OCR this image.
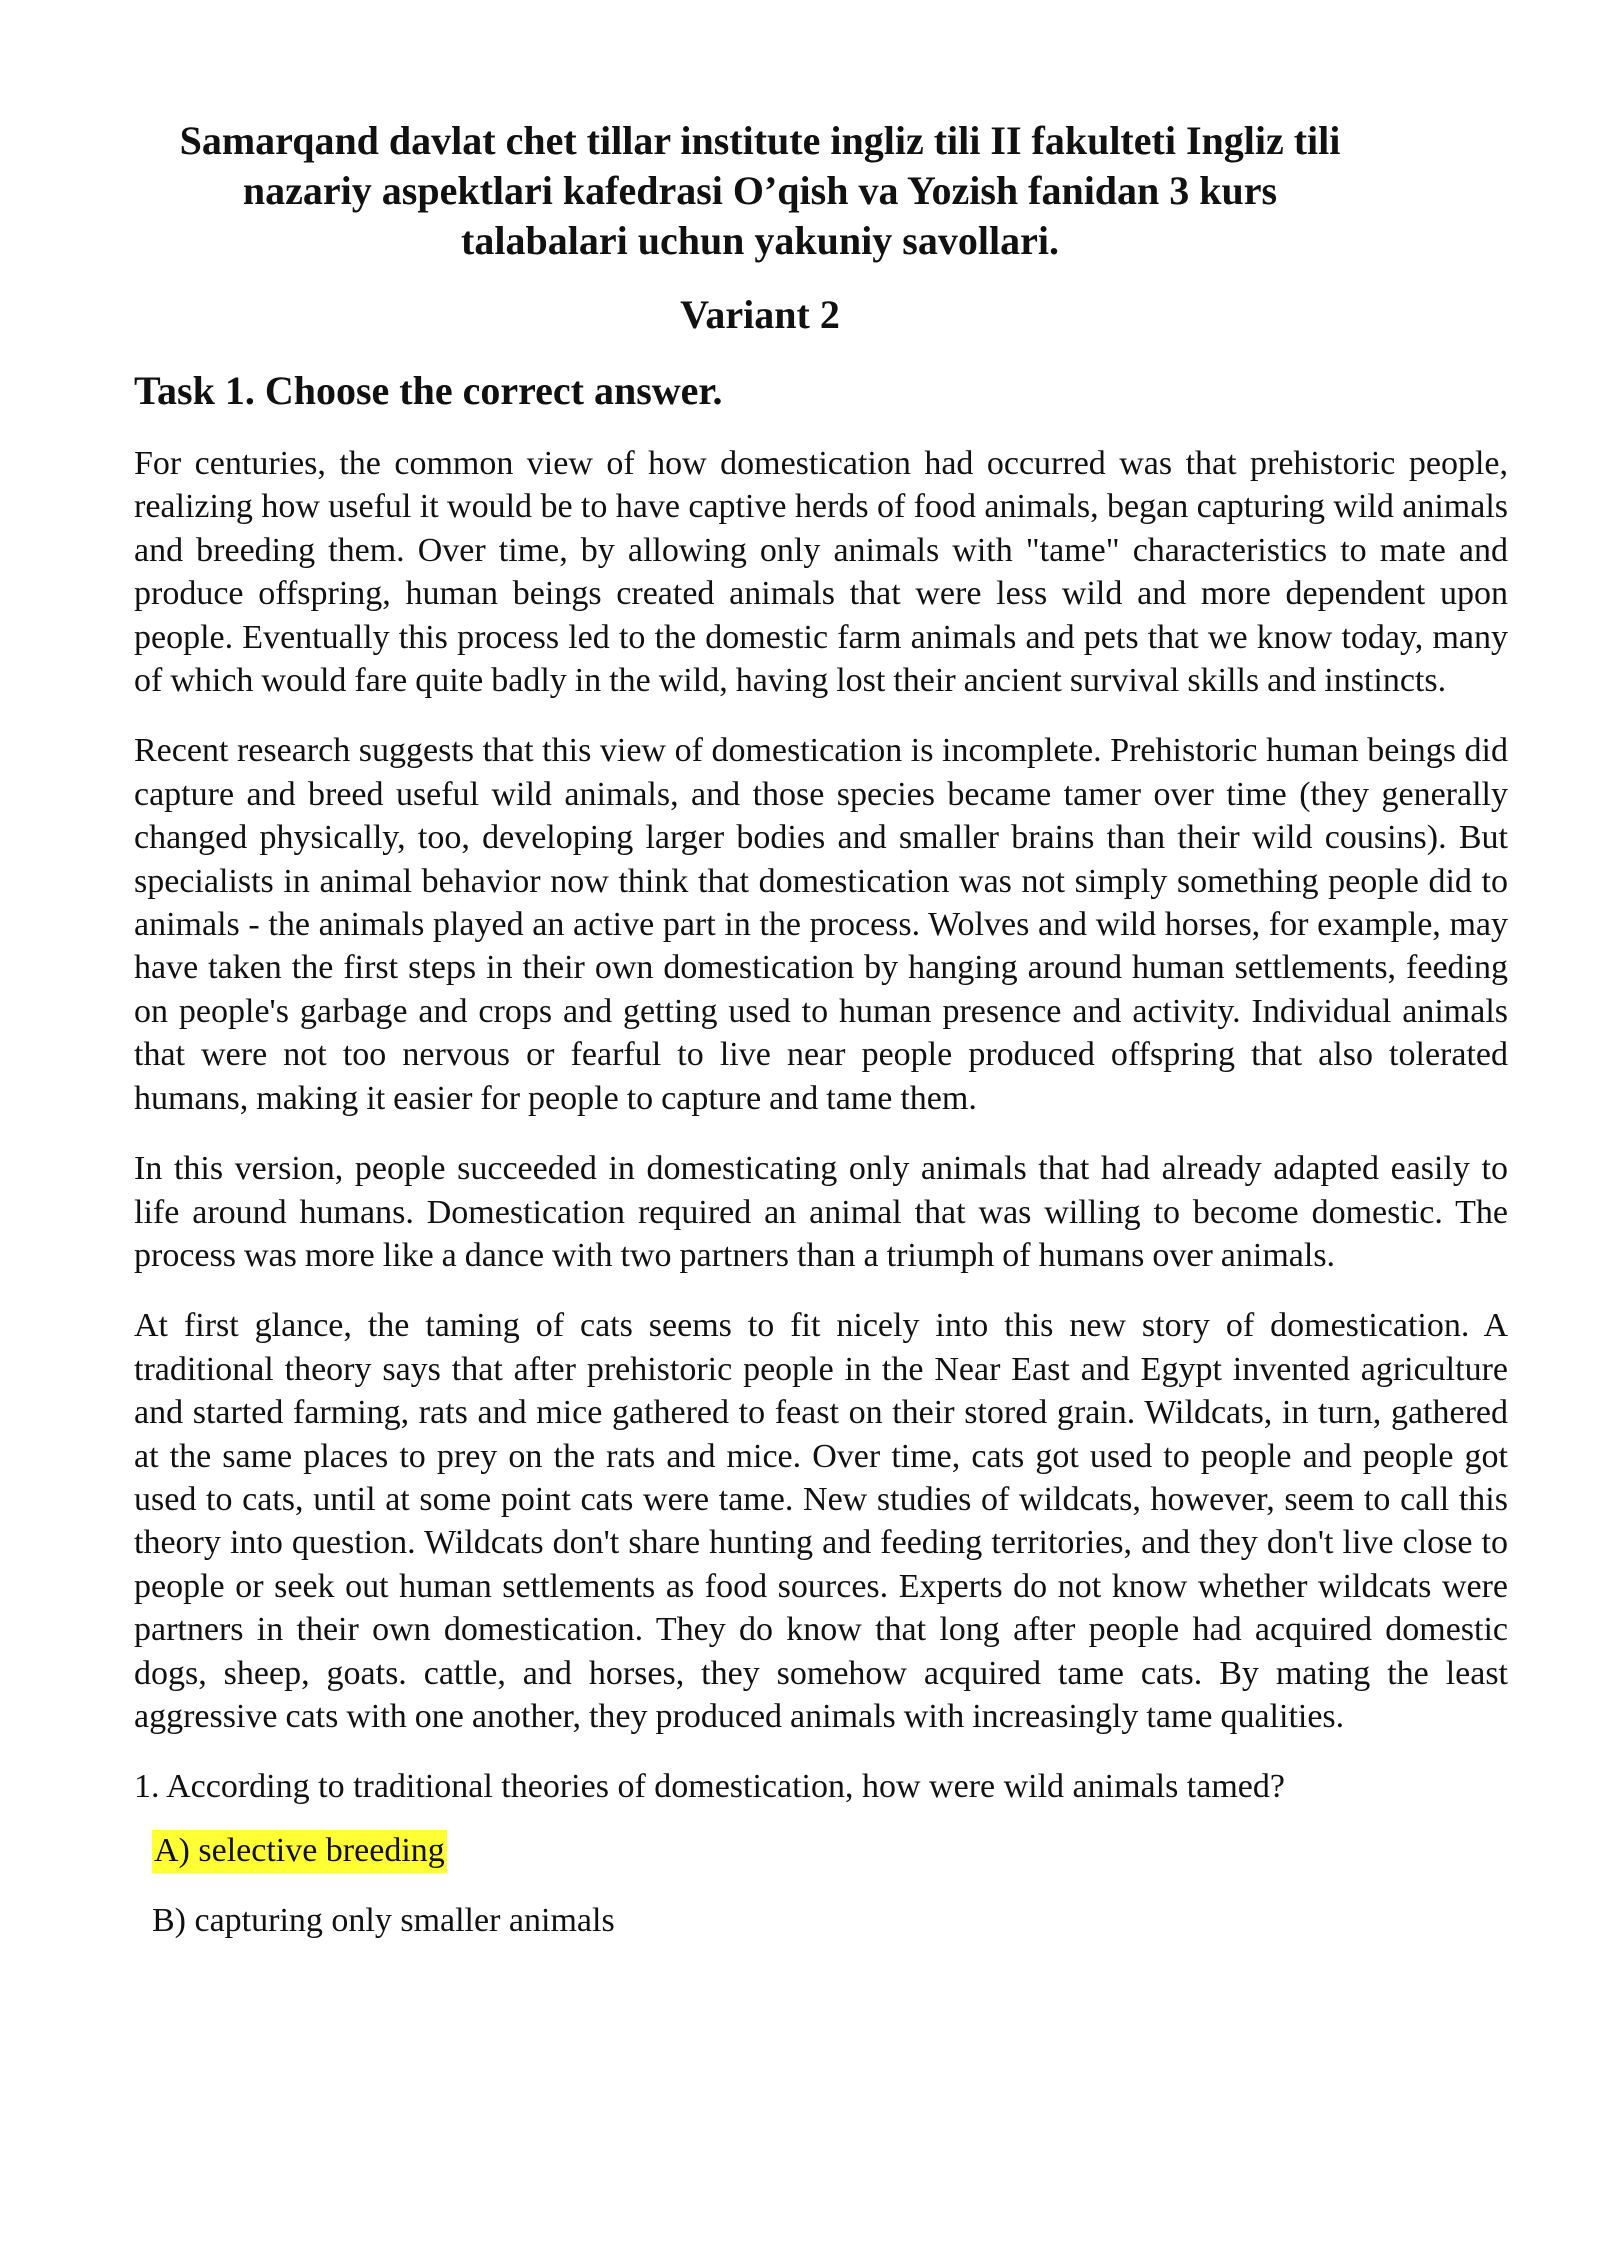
Samarqand davlat chet tillar institute ingliz tili II fakulteti Ingliz tili nazariy aspektlari kafedrasi O’qish va Yozish fanidan 3 kurs talabalari uchun yakuniy savollari.
Variant 2
Task 1. Choose the correct answer.

For centuries, the common view of how domestication had occurred was that prehistoric people, realizing how useful it would be to have captive herds of food animals, began capturing wild animals and breeding them. Over time, by allowing only animals with "tame" characteristics to mate and produce offspring, human beings created animals that were less wild and more dependent upon people. Eventually this process led to the domestic farm animals and pets that we know today, many of which would fare quite badly in the wild, having lost their ancient survival skills and instincts.

Recent research suggests that this view of domestication is incomplete. Prehistoric human beings did capture and breed useful wild animals, and those species became tamer over time (they generally changed physically, too, developing larger bodies and smaller brains than their wild cousins). But specialists in animal behavior now think that domestication was not simply something people did to animals - the animals played an active part in the process. Wolves and wild horses, for example, may have taken the first steps in their own domestication by hanging around human settlements, feeding on people's garbage and crops and getting used to human presence and activity. Individual animals that were not too nervous or fearful to live near people produced offspring that also tolerated humans, making it easier for people to capture and tame them.

In this version, people succeeded in domesticating only animals that had already adapted easily to life around humans. Domestication required an animal that was willing to become domestic. The process was more like a dance with two partners than a triumph of humans over animals.

At first glance, the taming of cats seems to fit nicely into this new story of domestication. A traditional theory says that after prehistoric people in the Near East and Egypt invented agriculture and started farming, rats and mice gathered to feast on their stored grain. Wildcats, in turn, gathered at the same places to prey on the rats and mice. Over time, cats got used to people and people got used to cats, until at some point cats were tame. New studies of wildcats, however, seem to call this theory into question. Wildcats don't share hunting and feeding territories, and they don't live close to people or seek out human settlements as food sources. Experts do not know whether wildcats were partners in their own domestication. They do know that long after people had acquired domestic dogs, sheep, goats. cattle, and horses, they somehow acquired tame cats. By mating the least aggressive cats with one another, they produced animals with increasingly tame qualities.

1. According to traditional theories of domestication, how were wild animals tamed?

A) selective breeding
B) capturing only smaller animals
